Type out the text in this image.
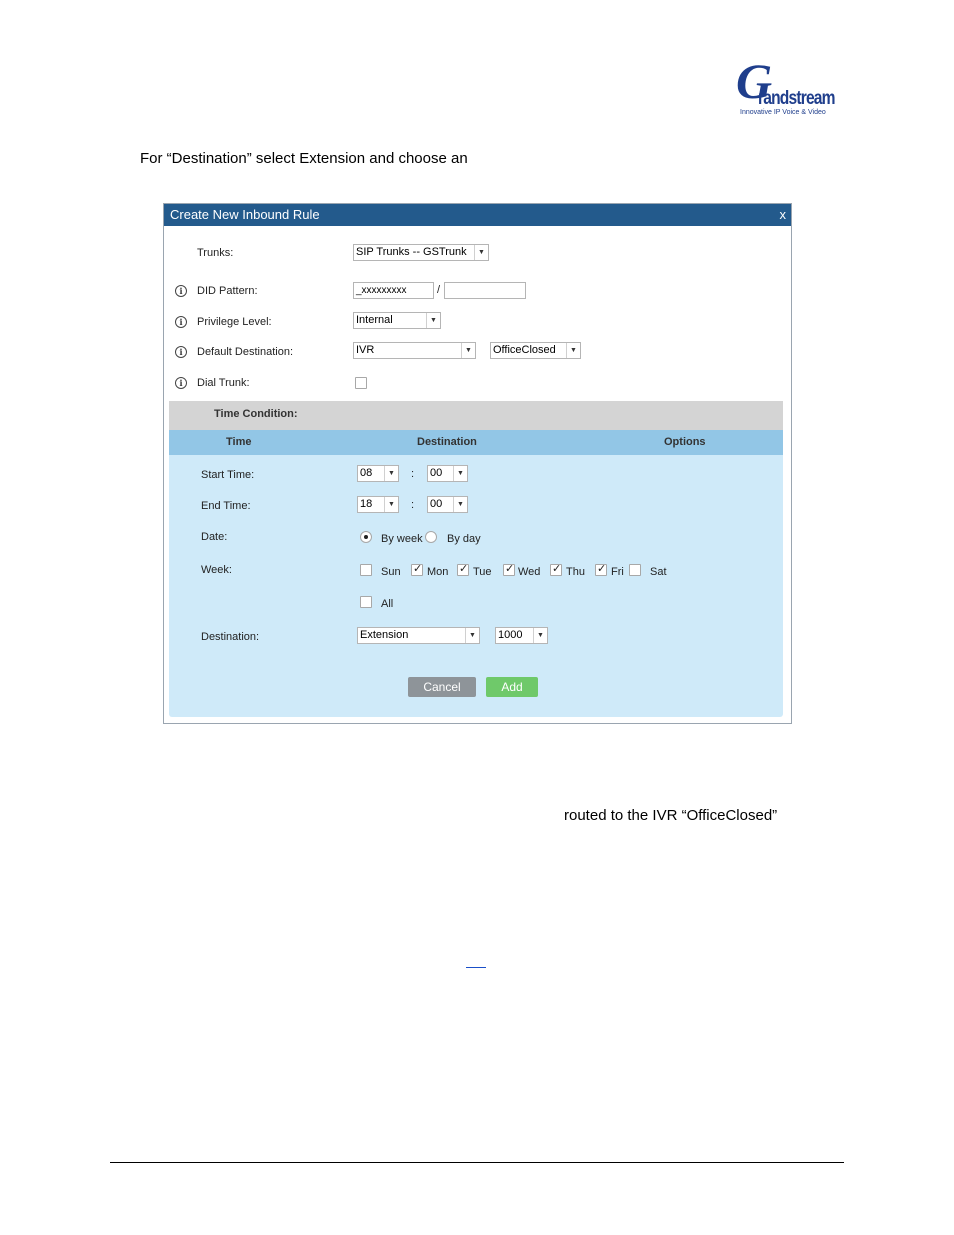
G
randstream
Innovative IP Voice & Video
For “Destination” select Extension and choose an
Create New Inbound Rule	x
Trunks:	SIP Trunks -- GSTrunk	▼
i	DID Pattern:	_xxxxxxxxx	/
i	Privilege Level:	Internal	▼
i	Default Destination:	IVR	▼ OfficeClosed	▼
i	Dial Trunk:
Time Condition:
Time	Destination	Options
Start Time:	08	▼ : 00	▼
End Time:	18	▼ : 00	▼
Date:	By week By day
Week:	Sun ✓ Mon ✓ Tue ✓ Wed ✓ Thu ✓ Fri Sat
All
Destination:	Extension	▼ 1000	▼
Cancel	Add
routed to the IVR “OfficeClosed”
